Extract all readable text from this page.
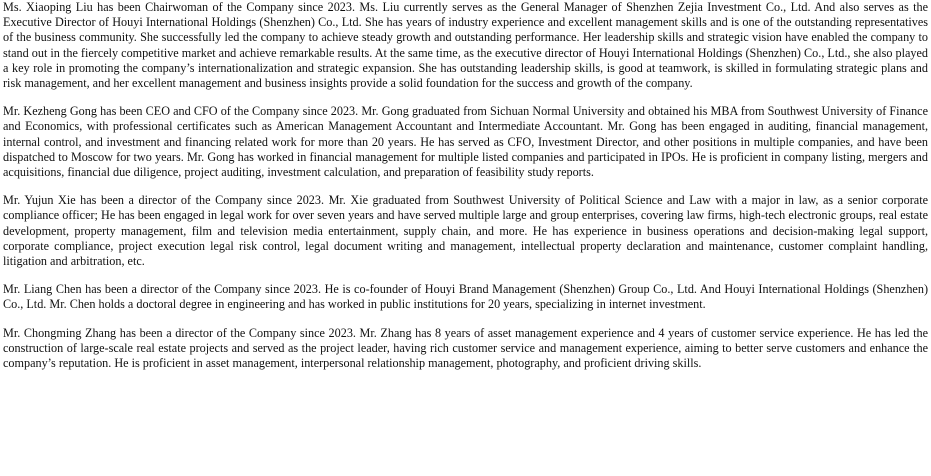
Ms. Xiaoping Liu has been Chairwoman of the Company since 2023. Ms. Liu currently serves as the General Manager of Shenzhen Zejia Investment Co., Ltd. And also serves as the Executive Director of Houyi International Holdings (Shenzhen) Co., Ltd. She has years of industry experience and excellent management skills and is one of the outstanding representatives of the business community. She successfully led the company to achieve steady growth and outstanding performance. Her leadership skills and strategic vision have enabled the company to stand out in the fiercely competitive market and achieve remarkable results. At the same time, as the executive director of Houyi International Holdings (Shenzhen) Co., Ltd., she also played a key role in promoting the company’s internationalization and strategic expansion. She has outstanding leadership skills, is good at teamwork, is skilled in formulating strategic plans and risk management, and her excellent management and business insights provide a solid foundation for the success and growth of the company.

Mr. Kezheng Gong has been CEO and CFO of the Company since 2023. Mr. Gong graduated from Sichuan Normal University and obtained his MBA from Southwest University of Finance and Economics, with professional certificates such as American Management Accountant and Intermediate Accountant. Mr. Gong has been engaged in auditing, financial management, internal control, and investment and financing related work for more than 20 years. He has served as CFO, Investment Director, and other positions in multiple companies, and have been dispatched to Moscow for two years. Mr. Gong has worked in financial management for multiple listed companies and participated in IPOs. He is proficient in company listing, mergers and acquisitions, financial due diligence, project auditing, investment calculation, and preparation of feasibility study reports.

Mr. Yujun Xie has been a director of the Company since 2023. Mr. Xie graduated from Southwest University of Political Science and Law with a major in law, as a senior corporate compliance officer; He has been engaged in legal work for over seven years and have served multiple large and group enterprises, covering law firms, high-tech electronic groups, real estate development, property management, film and television media entertainment, supply chain, and more. He has experience in business operations and decision-making legal support, corporate compliance, project execution legal risk control, legal document writing and management, intellectual property declaration and maintenance, customer complaint handling, litigation and arbitration, etc.

Mr. Liang Chen has been a director of the Company since 2023. He is co-founder of Houyi Brand Management (Shenzhen) Group Co., Ltd. And Houyi International Holdings (Shenzhen) Co., Ltd. Mr. Chen holds a doctoral degree in engineering and has worked in public institutions for 20 years, specializing in internet investment.

Mr. Chongming Zhang has been a director of the Company since 2023. Mr. Zhang has 8 years of asset management experience and 4 years of customer service experience. He has led the construction of large-scale real estate projects and served as the project leader, having rich customer service and management experience, aiming to better serve customers and enhance the company’s reputation. He is proficient in asset management, interpersonal relationship management, photography, and proficient driving skills.
